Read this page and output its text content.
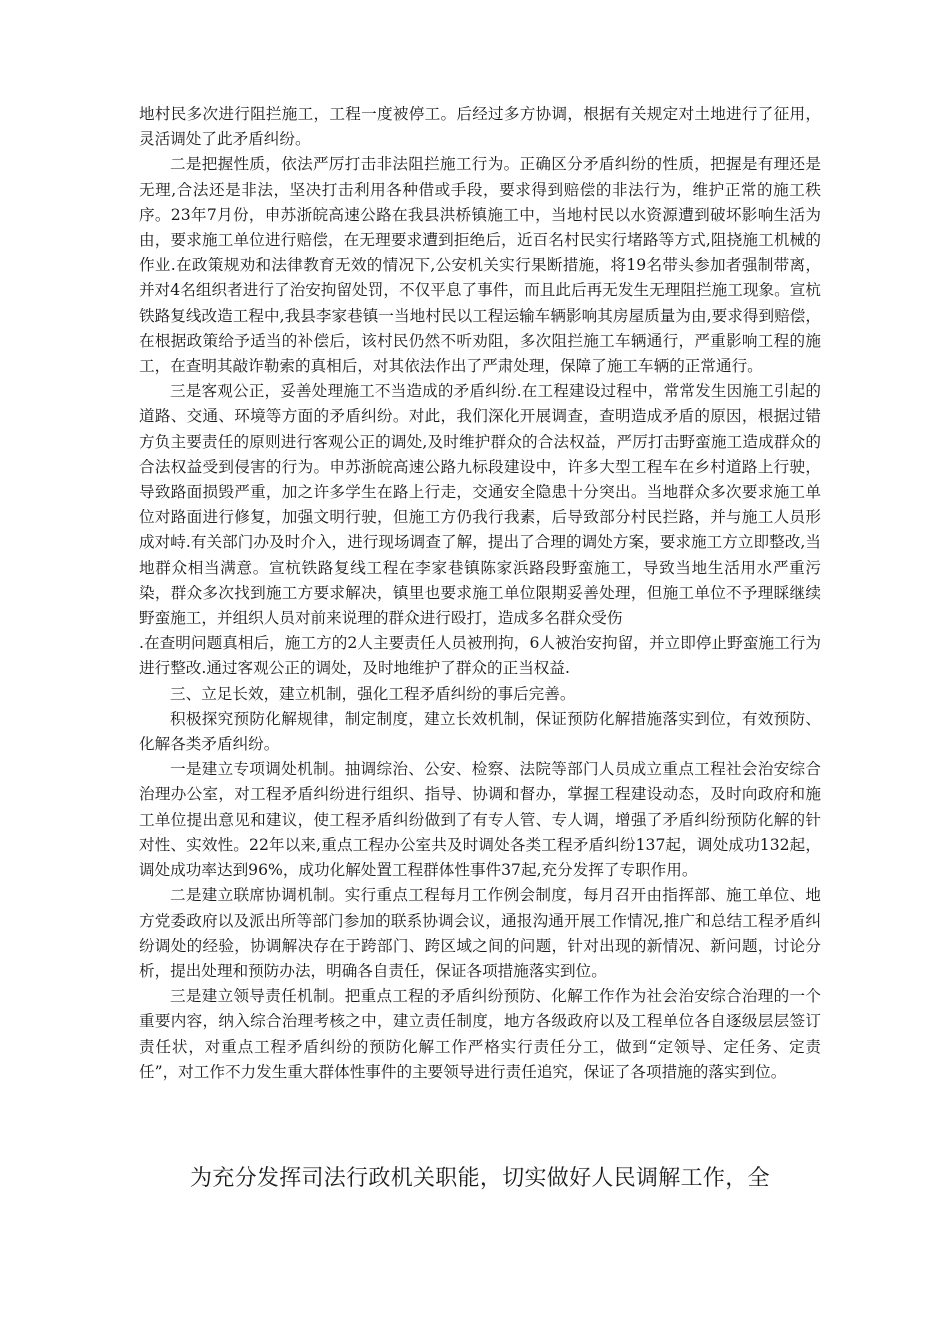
地村民多次进行阻拦施工，工程一度被停工。后经过多方协调，根据有关规定对土地进行了征用，灵活调处了此矛盾纠纷。

二是把握性质，依法严厉打击非法阻拦施工行为。正确区分矛盾纠纷的性质，把握是有理还是无理,合法还是非法，坚决打击利用各种借或手段，要求得到赔偿的非法行为，维护正常的施工秩序。23年7月份，申苏浙皖高速公路在我县洪桥镇施工中，当地村民以水资源遭到破坏影响生活为由，要求施工单位进行赔偿，在无理要求遭到拒绝后，近百名村民实行堵路等方式,阻挠施工机械的作业.在政策规劝和法律教育无效的情况下,公安机关实行果断措施，将19名带头参加者强制带离，并对4名组织者进行了治安拘留处罚，不仅平息了事件，而且此后再无发生无理阻拦施工现象。宣杭铁路复线改造工程中,我县李家巷镇一当地村民以工程运输车辆影响其房屋质量为由,要求得到赔偿，在根据政策给予适当的补偿后，该村民仍然不听劝阻，多次阻拦施工车辆通行，严重影响工程的施工，在查明其敲诈勒索的真相后，对其依法作出了严肃处理，保障了施工车辆的正常通行。

三是客观公正，妥善处理施工不当造成的矛盾纠纷.在工程建设过程中，常常发生因施工引起的道路、交通、环境等方面的矛盾纠纷。对此，我们深化开展调查，查明造成矛盾的原因，根据过错方负主要责任的原则进行客观公正的调处,及时维护群众的合法权益，严厉打击野蛮施工造成群众的合法权益受到侵害的行为。申苏浙皖高速公路九标段建设中，许多大型工程车在乡村道路上行驶，导致路面损毁严重，加之许多学生在路上行走，交通安全隐患十分突出。当地群众多次要求施工单位对路面进行修复，加强文明行驶，但施工方仍我行我素，后导致部分村民拦路，并与施工人员形成对峙.有关部门办及时介入，进行现场调查了解，提出了合理的调处方案，要求施工方立即整改,当地群众相当满意。宣杭铁路复线工程在李家巷镇陈家浜路段野蛮施工，导致当地生活用水严重污染，群众多次找到施工方要求解决，镇里也要求施工单位限期妥善处理，但施工单位不予理睬继续野蛮施工，并组织人员对前来说理的群众进行殴打，造成多名群众受伤

.在查明问题真相后，施工方的2人主要责任人员被刑拘，6人被治安拘留，并立即停止野蛮施工行为进行整改.通过客观公正的调处，及时地维护了群众的正当权益.

三、立足长效，建立机制，强化工程矛盾纠纷的事后完善。

积极探究预防化解规律，制定制度，建立长效机制，保证预防化解措施落实到位，有效预防、化解各类矛盾纠纷。

一是建立专项调处机制。抽调综治、公安、检察、法院等部门人员成立重点工程社会治安综合治理办公室，对工程矛盾纠纷进行组织、指导、协调和督办，掌握工程建设动态，及时向政府和施工单位提出意见和建议，使工程矛盾纠纷做到了有专人管、专人调，增强了矛盾纠纷预防化解的针对性、实效性。22年以来,重点工程办公室共及时调处各类工程矛盾纠纷137起，调处成功132起，调处成功率达到96%，成功化解处置工程群体性事件37起,充分发挥了专职作用。

二是建立联席协调机制。实行重点工程每月工作例会制度，每月召开由指挥部、施工单位、地方党委政府以及派出所等部门参加的联系协调会议，通报沟通开展工作情况,推广和总结工程矛盾纠纷调处的经验，协调解决存在于跨部门、跨区域之间的问题，针对出现的新情况、新问题，讨论分析，提出处理和预防办法，明确各自责任，保证各项措施落实到位。

三是建立领导责任机制。把重点工程的矛盾纠纷预防、化解工作作为社会治安综合治理的一个重要内容，纳入综合治理考核之中，建立责任制度，地方各级政府以及工程单位各自逐级层层签订责任状，对重点工程矛盾纠纷的预防化解工作严格实行责任分工，做到“定领导、定任务、定责任”，对工作不力发生重大群体性事件的主要领导进行责任追究，保证了各项措施的落实到位。

为充分发挥司法行政机关职能，切实做好人民调解工作，全
